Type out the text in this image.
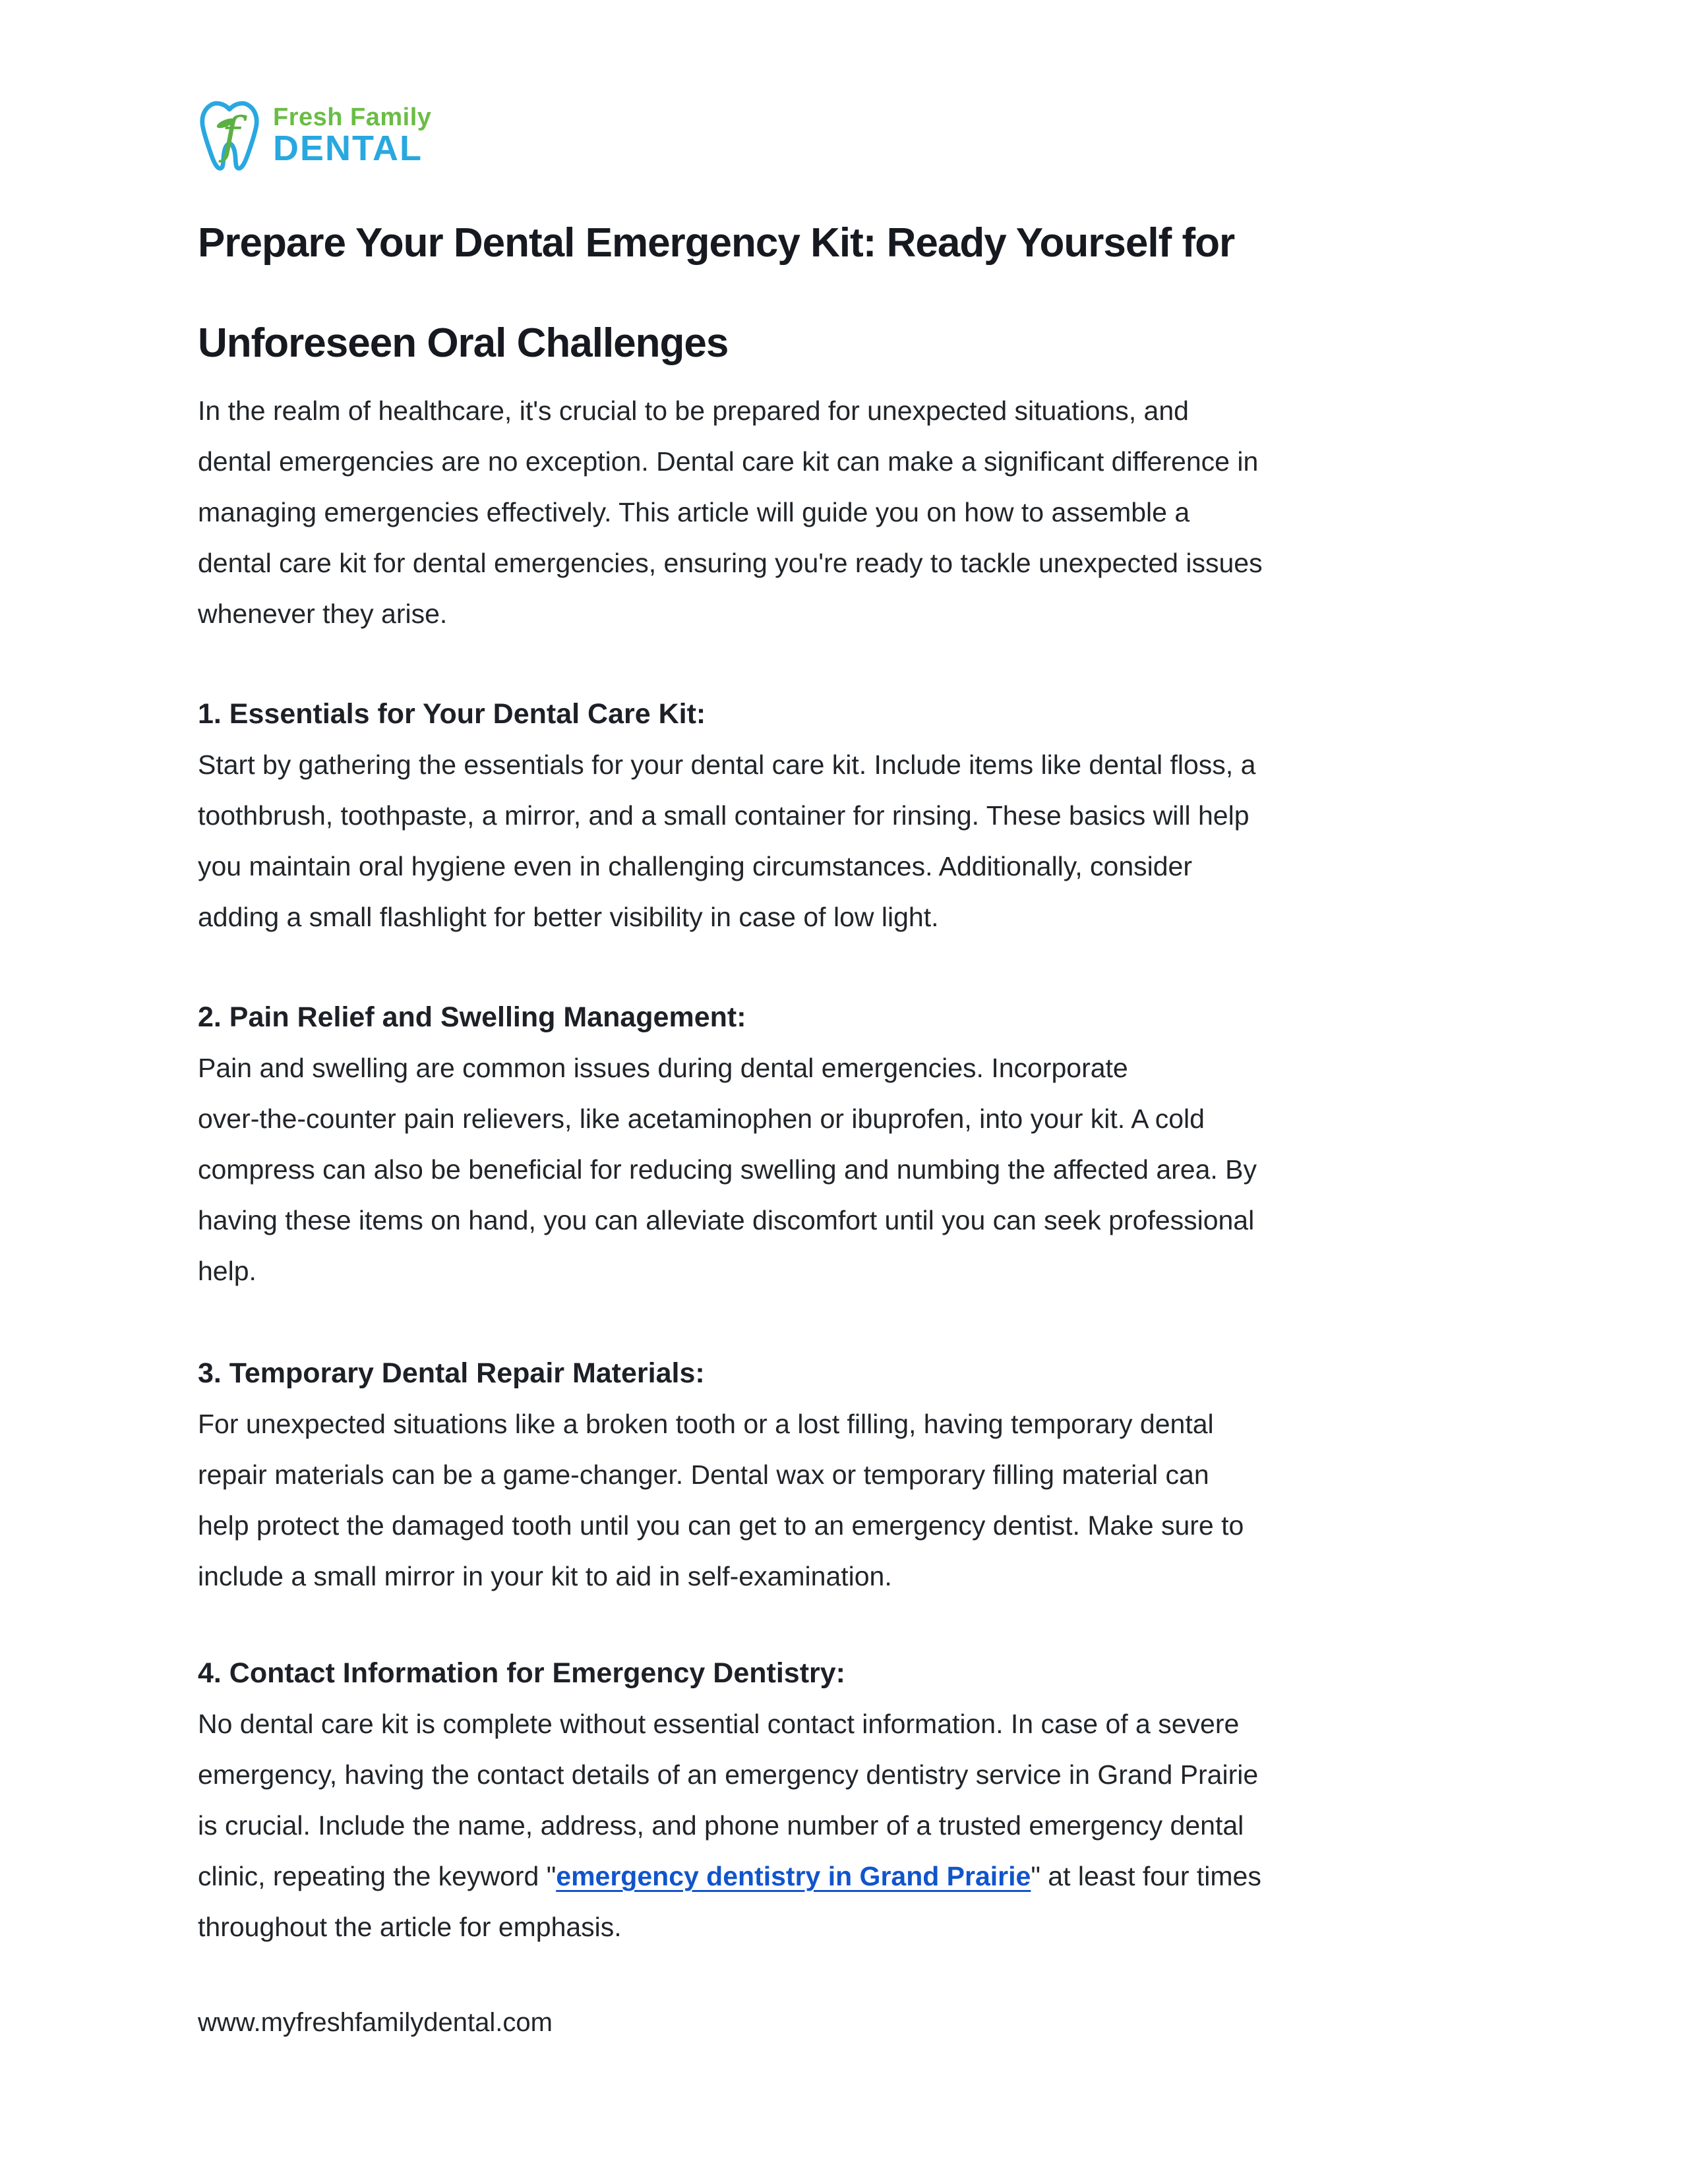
f Fresh Family
DENTAL
Prepare Your Dental Emergency Kit: Ready Yourself for
Unforeseen Oral Challenges
In the realm of healthcare, it's crucial to be prepared for unexpected situations, and
dental emergencies are no exception. Dental care kit can make a significant difference in
managing emergencies effectively. This article will guide you on how to assemble a
dental care kit for dental emergencies, ensuring you're ready to tackle unexpected issues
whenever they arise.
1. Essentials for Your Dental Care Kit:
Start by gathering the essentials for your dental care kit. Include items like dental floss, a
toothbrush, toothpaste, a mirror, and a small container for rinsing. These basics will help
you maintain oral hygiene even in challenging circumstances. Additionally, consider
adding a small flashlight for better visibility in case of low light.
2. Pain Relief and Swelling Management:
Pain and swelling are common issues during dental emergencies. Incorporate
over-the-counter pain relievers, like acetaminophen or ibuprofen, into your kit. A cold
compress can also be beneficial for reducing swelling and numbing the affected area. By
having these items on hand, you can alleviate discomfort until you can seek professional
help.
3. Temporary Dental Repair Materials:
For unexpected situations like a broken tooth or a lost filling, having temporary dental
repair materials can be a game-changer. Dental wax or temporary filling material can
help protect the damaged tooth until you can get to an emergency dentist. Make sure to
include a small mirror in your kit to aid in self-examination.
4. Contact Information for Emergency Dentistry:
No dental care kit is complete without essential contact information. In case of a severe
emergency, having the contact details of an emergency dentistry service in Grand Prairie
is crucial. Include the name, address, and phone number of a trusted emergency dental
clinic, repeating the keyword "emergency dentistry in Grand Prairie" at least four times
throughout the article for emphasis.
www.myfreshfamilydental.com
